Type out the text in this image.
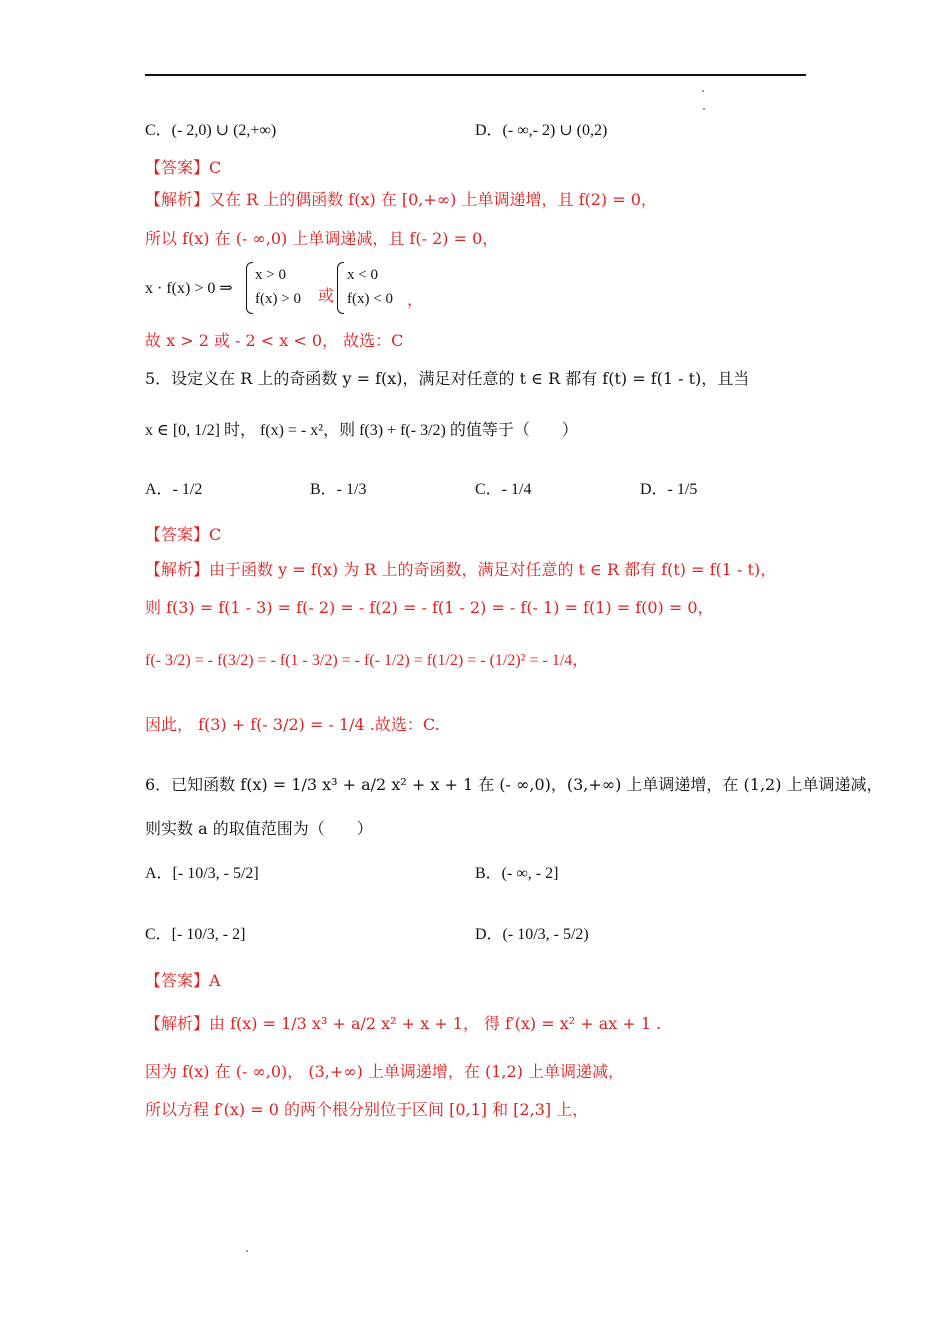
C．(- 2,0) ∪ (2,+∞)	D．(- ∞,- 2) ∪ (0,2)
【答案】C
【解析】又在 R 上的偶函数 f(x) 在 [0,+∞) 上单调递增，且 f(2) = 0，
所以 f(x) 在 (- ∞,0) 上单调递减，且 f(- 2) = 0，
x · f(x) > 0 ⇒
x > 0
f(x) > 0 或
x < 0
f(x) < 0 ，
故 x > 2 或 - 2 < x < 0， 故选：C
5．设定义在 R 上的奇函数 y = f(x)，满足对任意的 t ∈ R 都有 f(t) = f(1 - t)，且当
x ∈ [0, 1/2] 时， f(x) = - x²，则 f(3) + f(- 3/2) 的值等于（　　）
A．- 1/2	B．- 1/3	C．- 1/4	D．- 1/5
【答案】C
【解析】由于函数 y = f(x) 为 R 上的奇函数，满足对任意的 t ∈ R 都有 f(t) = f(1 - t)，
则 f(3) = f(1 - 3) = f(- 2) = - f(2) = - f(1 - 2) = - f(- 1) = f(1) = f(0) = 0，
f(- 3/2) = - f(3/2) = - f(1 - 3/2) = - f(- 1/2) = f(1/2) = - (1/2)² = - 1/4，
因此， f(3) + f(- 3/2) = - 1/4 .故选：C.
6．已知函数 f(x) = 1/3 x³ + a/2 x² + x + 1 在 (- ∞,0)，(3,+∞) 上单调递增，在 (1,2) 上单调递减，
则实数 a 的取值范围为（　　）
A．[- 10/3, - 5/2]	B．(- ∞, - 2]
C．[- 10/3, - 2]	D．(- 10/3, - 5/2)
【答案】A
【解析】由 f(x) = 1/3 x³ + a/2 x² + x + 1， 得 f′(x) = x² + ax + 1 .
因为 f(x) 在 (- ∞,0)， (3,+∞) 上单调递增，在 (1,2) 上单调递减，
所以方程 f′(x) = 0 的两个根分别位于区间 [0,1] 和 [2,3] 上，
